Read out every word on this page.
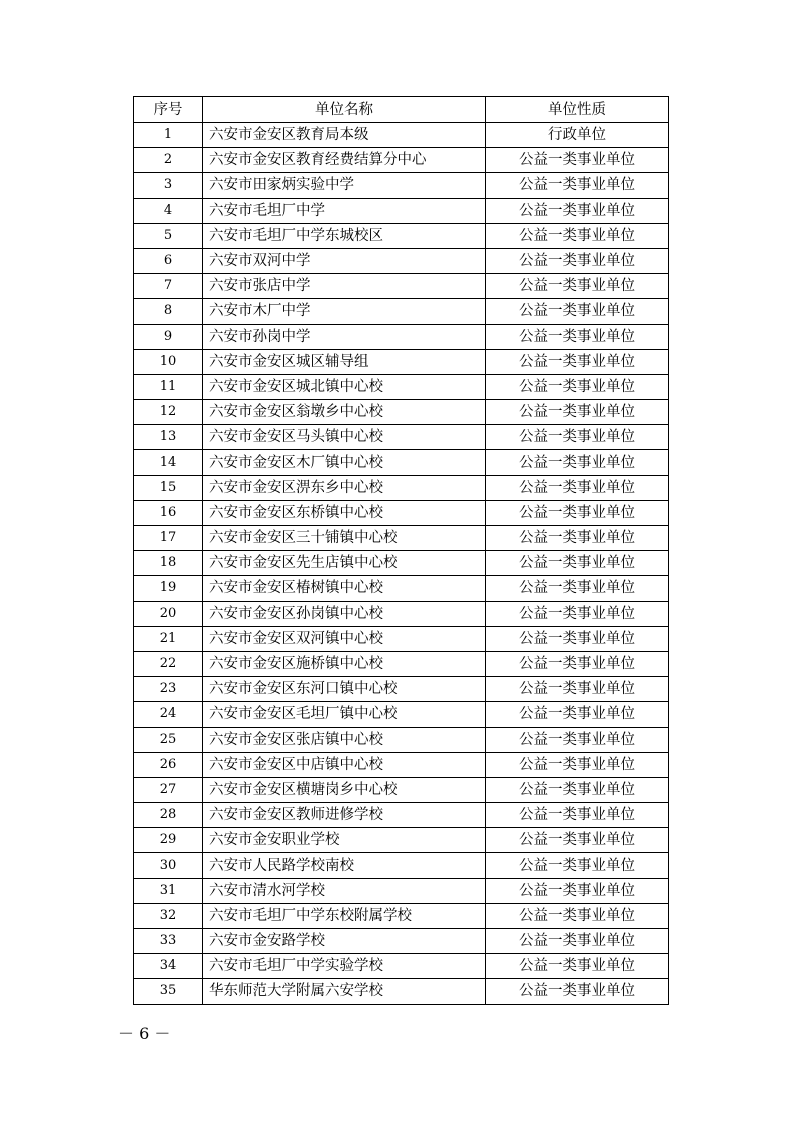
序号	单位名称	单位性质
1	六安市金安区教育局本级	行政单位
2	六安市金安区教育经费结算分中心	公益一类事业单位
3	六安市田家炳实验中学	公益一类事业单位
4	六安市毛坦厂中学	公益一类事业单位
5	六安市毛坦厂中学东城校区	公益一类事业单位
6	六安市双河中学	公益一类事业单位
7	六安市张店中学	公益一类事业单位
8	六安市木厂中学	公益一类事业单位
9	六安市孙岗中学	公益一类事业单位
10	六安市金安区城区辅导组	公益一类事业单位
11	六安市金安区城北镇中心校	公益一类事业单位
12	六安市金安区翁墩乡中心校	公益一类事业单位
13	六安市金安区马头镇中心校	公益一类事业单位
14	六安市金安区木厂镇中心校	公益一类事业单位
15	六安市金安区淠东乡中心校	公益一类事业单位
16	六安市金安区东桥镇中心校	公益一类事业单位
17	六安市金安区三十铺镇中心校	公益一类事业单位
18	六安市金安区先生店镇中心校	公益一类事业单位
19	六安市金安区椿树镇中心校	公益一类事业单位
20	六安市金安区孙岗镇中心校	公益一类事业单位
21	六安市金安区双河镇中心校	公益一类事业单位
22	六安市金安区施桥镇中心校	公益一类事业单位
23	六安市金安区东河口镇中心校	公益一类事业单位
24	六安市金安区毛坦厂镇中心校	公益一类事业单位
25	六安市金安区张店镇中心校	公益一类事业单位
26	六安市金安区中店镇中心校	公益一类事业单位
27	六安市金安区横塘岗乡中心校	公益一类事业单位
28	六安市金安区教师进修学校	公益一类事业单位
29	六安市金安职业学校	公益一类事业单位
30	六安市人民路学校南校	公益一类事业单位
31	六安市清水河学校	公益一类事业单位
32	六安市毛坦厂中学东校附属学校	公益一类事业单位
33	六安市金安路学校	公益一类事业单位
34	六安市毛坦厂中学实验学校	公益一类事业单位
35	华东师范大学附属六安学校	公益一类事业单位
－ 6 －
